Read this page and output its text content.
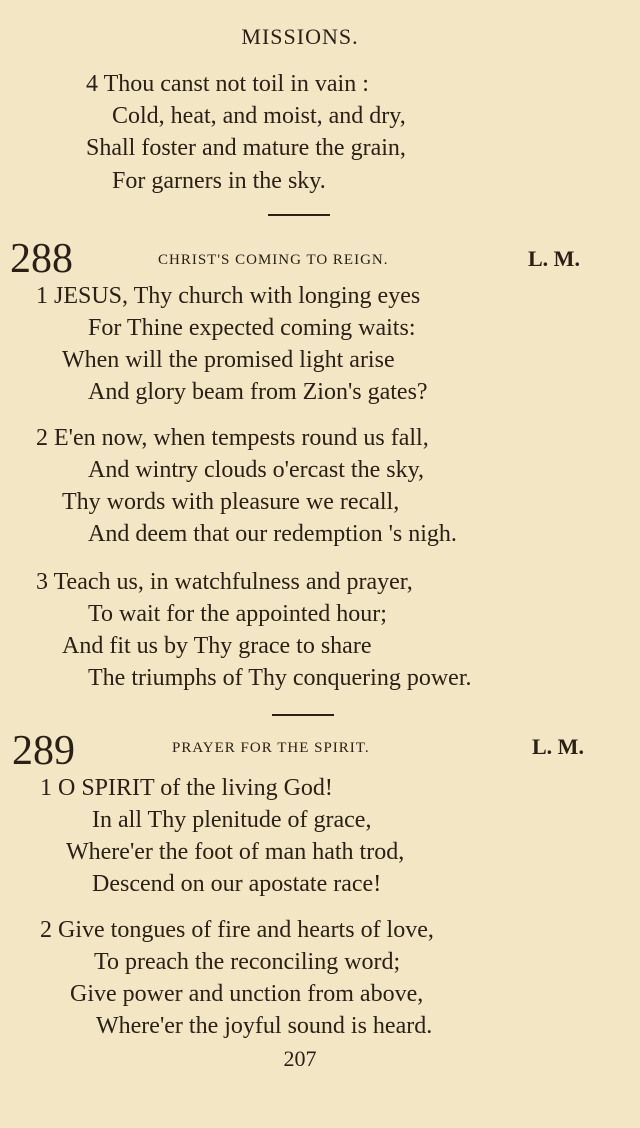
MISSIONS.
4 Thou canst not toil in vain :
Cold, heat, and moist, and dry,
Shall foster and mature the grain,
For garners in the sky.
288	CHRIST'S COMING TO REIGN.	L. M.
1 JESUS, Thy church with longing eyes
For Thine expected coming waits:
When will the promised light arise
And glory beam from Zion's gates?
2 E'en now, when tempests round us fall,
And wintry clouds o'ercast the sky,
Thy words with pleasure we recall,
And deem that our redemption 's nigh.
3 Teach us, in watchfulness and prayer,
To wait for the appointed hour;
And fit us by Thy grace to share
The triumphs of Thy conquering power.
289	PRAYER FOR THE SPIRIT.	L. M.
1 O SPIRIT of the living God!
In all Thy plenitude of grace,
Where'er the foot of man hath trod,
Descend on our apostate race!
2 Give tongues of fire and hearts of love,
To preach the reconciling word;
Give power and unction from above,
Where'er the joyful sound is heard.
207
